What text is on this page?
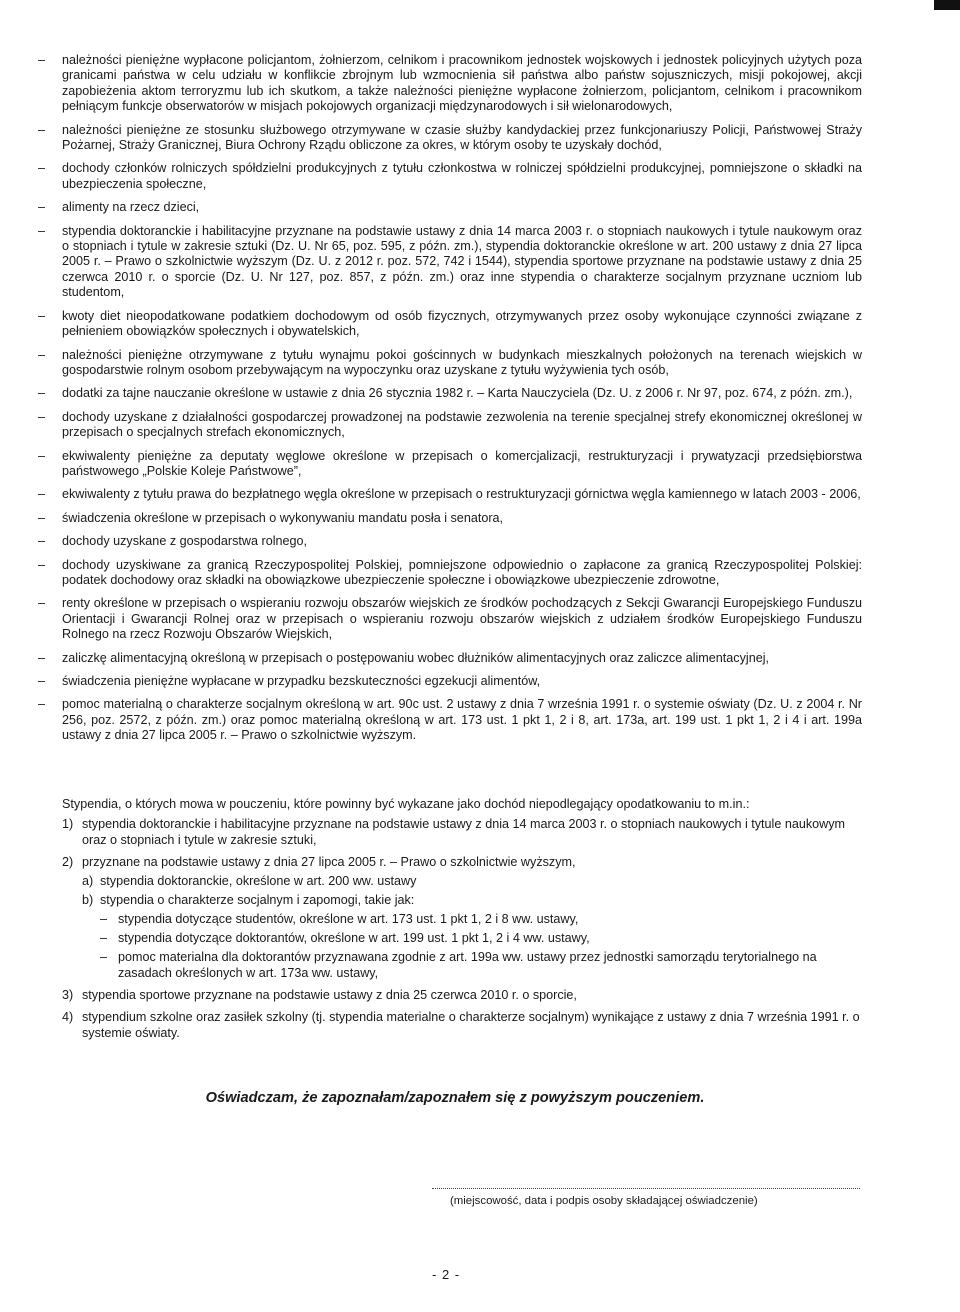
– należności pieniężne wypłacone policjantom, żołnierzom, celnikom i pracownikom jednostek wojskowych i jednostek policyjnych użytych poza granicami państwa w celu udziału w konflikcie zbrojnym lub wzmocnienia sił państwa albo państw sojuszniczych, misji pokojowej, akcji zapobieżenia aktom terroryzmu lub ich skutkom, a także należności pieniężne wypłacone żołnierzom, policjantom, celnikom i pracownikom pełniącym funkcje obserwatorów w misjach pokojowych organizacji międzynarodowych i sił wielonarodowych,
– należności pieniężne ze stosunku służbowego otrzymywane w czasie służby kandydackiej przez funkcjonariuszy Policji, Państwowej Straży Pożarnej, Straży Granicznej, Biura Ochrony Rządu obliczone za okres, w którym osoby te uzyskały dochód,
– dochody członków rolniczych spółdzielni produkcyjnych z tytułu członkostwa w rolniczej spółdzielni produkcyjnej, pomniejszone o składki na ubezpieczenia społeczne,
– alimenty na rzecz dzieci,
– stypendia doktoranckie i habilitacyjne przyznane na podstawie ustawy z dnia 14 marca 2003 r. o stopniach naukowych i tytule naukowym oraz o stopniach i tytule w zakresie sztuki (Dz. U. Nr 65, poz. 595, z późn. zm.), stypendia doktoranckie określone w art. 200 ustawy z dnia 27 lipca 2005 r. – Prawo o szkolnictwie wyższym (Dz. U. z 2012 r. poz. 572, 742 i 1544), stypendia sportowe przyznane na podstawie ustawy z dnia 25 czerwca 2010 r. o sporcie (Dz. U. Nr 127, poz. 857, z późn. zm.) oraz inne stypendia o charakterze socjalnym przyznane uczniom lub studentom,
– kwoty diet nieopodatkowane podatkiem dochodowym od osób fizycznych, otrzymywanych przez osoby wykonujące czynności związane z pełnieniem obowiązków społecznych i obywatelskich,
– należności pieniężne otrzymywane z tytułu wynajmu pokoi gościnnych w budynkach mieszkalnych położonych na terenach wiejskich w gospodarstwie rolnym osobom przebywającym na wypoczynku oraz uzyskane z tytułu wyżywienia tych osób,
– dodatki za tajne nauczanie określone w ustawie z dnia 26 stycznia 1982 r. – Karta Nauczyciela (Dz. U. z 2006 r. Nr 97, poz. 674, z późn. zm.),
– dochody uzyskane z działalności gospodarczej prowadzonej na podstawie zezwolenia na terenie specjalnej strefy ekonomicznej określonej w przepisach o specjalnych strefach ekonomicznych,
– ekwiwalenty pieniężne za deputaty węglowe określone w przepisach o komercjalizacji, restrukturyzacji i prywatyzacji przedsiębiorstwa państwowego „Polskie Koleje Państwowe”,
– ekwiwalenty z tytułu prawa do bezpłatnego węgla określone w przepisach o restrukturyzacji górnictwa węgla kamiennego w latach 2003 - 2006,
– świadczenia określone w przepisach o wykonywaniu mandatu posła i senatora,
– dochody uzyskane z gospodarstwa rolnego,
– dochody uzyskiwane za granicą Rzeczypospolitej Polskiej, pomniejszone odpowiednio o zapłacone za granicą Rzeczypospolitej Polskiej: podatek dochodowy oraz składki na obowiązkowe ubezpieczenie społeczne i obowiązkowe ubezpieczenie zdrowotne,
– renty określone w przepisach o wspieraniu rozwoju obszarów wiejskich ze środków pochodzących z Sekcji Gwarancji Europejskiego Funduszu Orientacji i Gwarancji Rolnej oraz w przepisach o wspieraniu rozwoju obszarów wiejskich z udziałem środków Europejskiego Funduszu Rolnego na rzecz Rozwoju Obszarów Wiejskich,
– zaliczkę alimentacyjną określoną w przepisach o postępowaniu wobec dłużników alimentacyjnych oraz zaliczce alimentacyjnej,
– świadczenia pieniężne wypłacane w przypadku bezskuteczności egzekucji alimentów,
– pomoc materialną o charakterze socjalnym określoną w art. 90c ust. 2 ustawy z dnia 7 września 1991 r. o systemie oświaty (Dz. U. z 2004 r. Nr 256, poz. 2572, z późn. zm.) oraz pomoc materialną określoną w art. 173 ust. 1 pkt 1, 2 i 8, art. 173a, art. 199 ust. 1 pkt 1, 2 i 4 i art. 199a ustawy z dnia 27 lipca 2005 r. – Prawo o szkolnictwie wyższym.
Stypendia, o których mowa w pouczeniu, które powinny być wykazane jako dochód niepodlegający opodatkowaniu to m.in.:
1) stypendia doktoranckie i habilitacyjne przyznane na podstawie ustawy z dnia 14 marca 2003 r. o stopniach naukowych i tytule naukowym oraz o stopniach i tytule w zakresie sztuki,
2) przyznane na podstawie ustawy z dnia 27 lipca 2005 r. – Prawo o szkolnictwie wyższym,
a) stypendia doktoranckie, określone w art. 200 ww. ustawy
b) stypendia o charakterze socjalnym i zapomogi, takie jak:
– stypendia dotyczące studentów, określone w art. 173 ust. 1 pkt 1, 2 i 8 ww. ustawy,
– stypendia dotyczące doktorantów, określone w art. 199 ust. 1 pkt 1, 2 i 4 ww. ustawy,
– pomoc materialna dla doktorantów przyznawana zgodnie z art. 199a ww. ustawy przez jednostki samorządu terytorialnego na zasadach określonych w art. 173a ww. ustawy,
3) stypendia sportowe przyznane na podstawie ustawy z dnia 25 czerwca 2010 r. o sporcie,
4) stypendium szkolne oraz zasiłek szkolny (tj. stypendia materialne o charakterze socjalnym) wynikające z ustawy z dnia 7 września 1991 r. o systemie oświaty.
Oświadczam, że zapoznałam/zapoznałem się z powyższym pouczeniem.
(miejscowość, data i podpis osoby składającej oświadczenie)
- 2 -
